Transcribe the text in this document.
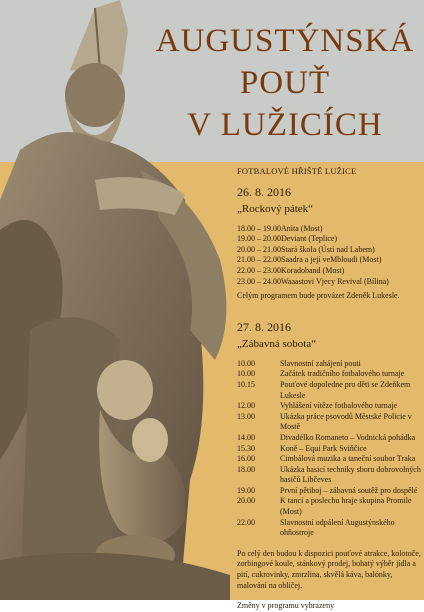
AUGUSTÝNSKÁ
POUŤ
V LUŽICÍCH
FOTBALOVÉ HŘIŠTĚ LUŽICE
26. 8. 2016
„Rockový pátek“
18.00 – 19.00 Anita (Most)
19.00 – 20.00 Deviant (Teplice)
20.00 – 21.00 Stará škola (Ústí nad Labem)
21.00 – 22.00 Saadra a její veMbloudi (Most)
22.00 – 23.00 Koradoband (Most)
23.00 – 24.00 Waaastovi Vjecy Revival (Bílina)
Celým programem bude provázet Zdeněk Lukeslе.
27. 8. 2016
„Zábavná sobota“
10.00	Slavnostní zahájení pouti
10.00	Začátek tradičního fotbalového turnaje
10.15	Pouťové dopoledne pro děti se Zdeňkem Lukeslе
12.00	Vyhlášení vítěze fotbalového turnaje
13.00	Ukázka práce psovodů Městské Policie v Mostě
14.00	Divadélko Romaneto – Vodnická pohádka
15.30	Koně – Equi Park Sviňčice
16.00	Cimbálová muzika a taneční soubor Traka
18.00	Ukázka hasicí techniky sboru dobrovolných hasičů Libčeves
19.00	První pětiboj – zábavná soutěž pro dospělé
20.00	K tanci a poslechu hraje skupina Promile (Most)
22.00	Slavnostní odpálení Augustýnského ohňostroje
Po celý den budou k dispozici pouťové atrakce, kolotoče, zorbingové koule, stánkový prodej, bohatý výběr jídla a pití, cukrovinky, zmrzlina, skvělá káva, balónky, malování na obličej.
Změny v programu vyhrazeny
